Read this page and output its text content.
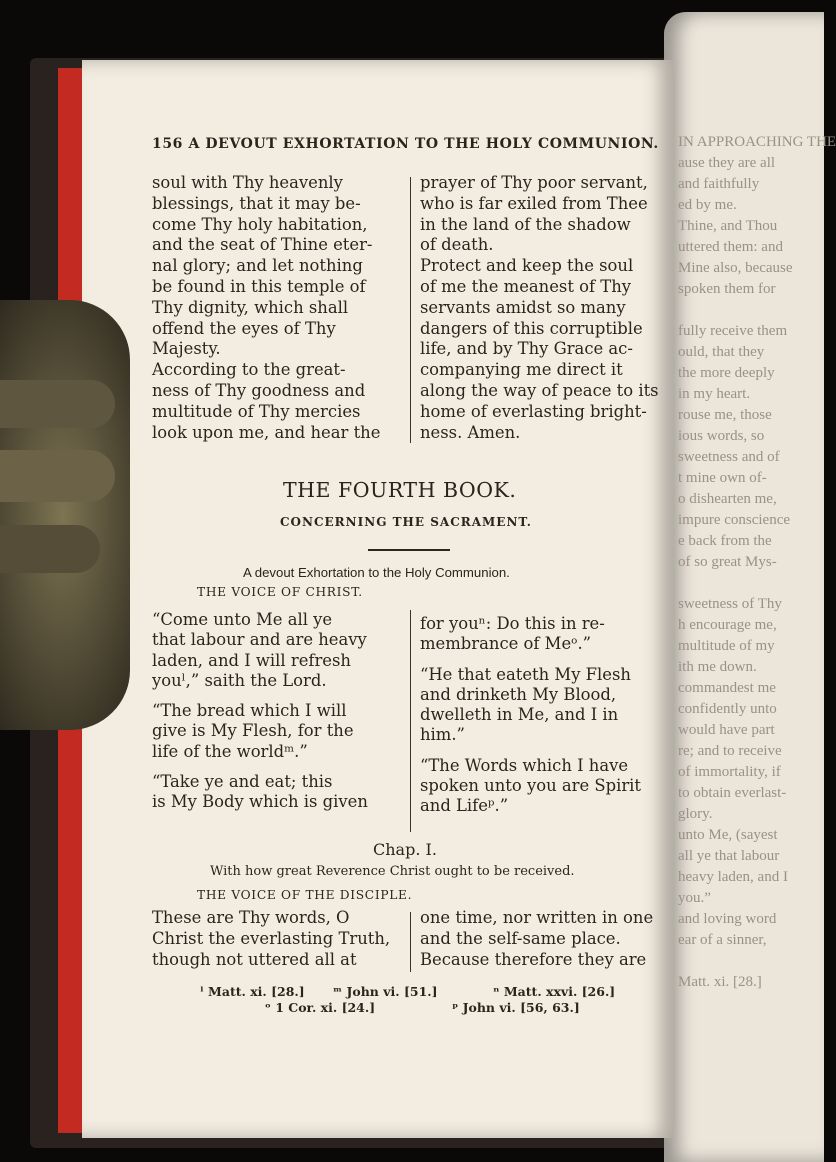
IN APPROACHING THE
ause they are all
and faithfully
ed by me.
Thine, and Thou
uttered them: and
Mine also, because
spoken them for

fully receive them
ould, that they
the more deeply
in my heart.
rouse me, those
ious words, so
sweetness and of
t mine own of-
o dishearten me,
impure conscience
e back from the
of so great Mys-

sweetness of Thy
h encourage me,
multitude of my
ith me down.
commandest me
confidently unto
would have part
re; and to receive
of immortality, if
to obtain everlast-
glory.
unto Me, (sayest
all ye that labour
heavy laden, and I
you.”
and loving word
ear of a sinner,

Matt. xi. [28.]
156 A DEVOUT EXHORTATION TO THE HOLY COMMUNION.
soul with Thy heavenly
blessings, that it may be-
come Thy holy habitation,
and the seat of Thine eter-
nal glory; and let nothing
be found in this temple of
Thy dignity, which shall
offend the eyes of Thy
Majesty.
According to the great-
ness of Thy goodness and
multitude of Thy mercies
look upon me, and hear the
prayer of Thy poor servant,
who is far exiled from Thee
in the land of the shadow
of death.
Protect and keep the soul
of me the meanest of Thy
servants amidst so many
dangers of this corruptible
life, and by Thy Grace ac-
companying me direct it
along the way of peace to its
home of everlasting bright-
ness. Amen.
THE FOURTH BOOK.
CONCERNING THE SACRAMENT.
A devout Exhortation to the Holy Communion.
THE VOICE OF CHRIST.
“Come unto Me all ye
that labour and are heavy
laden, and I will refresh
youˡ,” saith the Lord.

“The bread which I will
give is My Flesh, for the
life of the worldᵐ.”

“Take ye and eat; this
is My Body which is given
for youⁿ: Do this in re-
membrance of Meᵒ.”

“He that eateth My Flesh
and drinketh My Blood,
dwelleth in Me, and I in
him.”

“The Words which I have
spoken unto you are Spirit
and Lifeᵖ.”
Chap. I.
With how great Reverence Christ ought to be received.
THE VOICE OF THE DISCIPLE.
These are Thy words, O
Christ the everlasting Truth,
though not uttered all at
one time, nor written in one
and the self-same place.
Because therefore they are
ˡ Matt. xi. [28.] ᵐ John vi. [51.]	ⁿ Matt. xxvi. [26.]
ᵒ 1 Cor. xi. [24.]	ᵖ John vi. [56, 63.]
